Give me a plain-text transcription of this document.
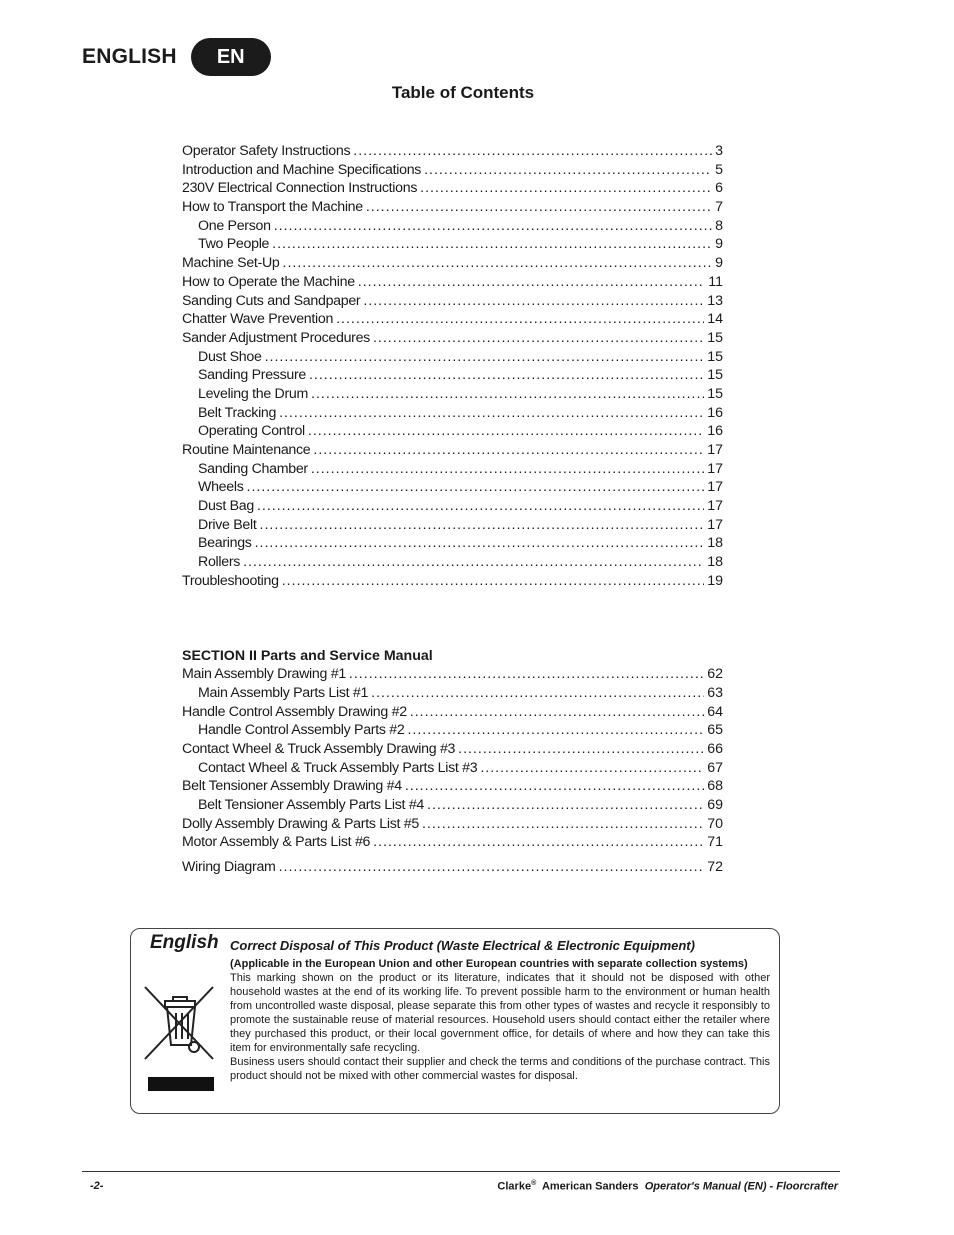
ENGLISH	EN
Table of Contents
Operator Safety Instructions .....	3
Introduction and Machine Specifications .....	5
230V Electrical Connection Instructions .....	6
How to Transport the Machine .....	7
One Person .....	8
Two People .....	9
Machine Set-Up .....	9
How to Operate the Machine .....	11
Sanding Cuts and Sandpaper .....	13
Chatter Wave Prevention .....	14
Sander Adjustment Procedures .....	15
Dust Shoe .....	15
Sanding Pressure .....	15
Leveling the Drum .....	15
Belt Tracking .....	16
Operating Control .....	16
Routine Maintenance .....	17
Sanding Chamber .....	17
Wheels .....	17
Dust Bag .....	17
Drive Belt .....	17
Bearings .....	18
Rollers .....	18
Troubleshooting .....	19
SECTION II Parts and Service Manual
Main Assembly Drawing #1 .....	62
Main Assembly Parts List #1 .....	63
Handle Control Assembly Drawing #2 .....	64
Handle Control Assembly Parts #2 .....	65
Contact Wheel & Truck Assembly Drawing #3 .....	66
Contact Wheel & Truck Assembly Parts List #3 .....	67
Belt Tensioner Assembly Drawing #4 .....	68
Belt Tensioner Assembly Parts List #4 .....	69
Dolly Assembly Drawing & Parts List #5 .....	70
Motor Assembly & Parts List #6 .....	71
Wiring Diagram .....	72
English Correct Disposal of This Product (Waste Electrical & Electronic Equipment)
(Applicable in the European Union and other European countries with separate collection systems)
This marking shown on the product or its literature, indicates that it should not be disposed with other household wastes at the end of its working life. To prevent possible harm to the environment or human health from uncontrolled waste disposal, please separate this from other types of wastes and recycle it responsibly to promote the sustainable reuse of material resources. Household users should contact either the retailer where they purchased this product, or their local government office, for details of where and how they can take this item for environmentally safe recycling.
Business users should contact their supplier and check the terms and conditions of the purchase contract. This product should not be mixed with other commercial wastes for disposal.
-2-	Clarke® American Sanders Operator's Manual (EN) - Floorcrafter
